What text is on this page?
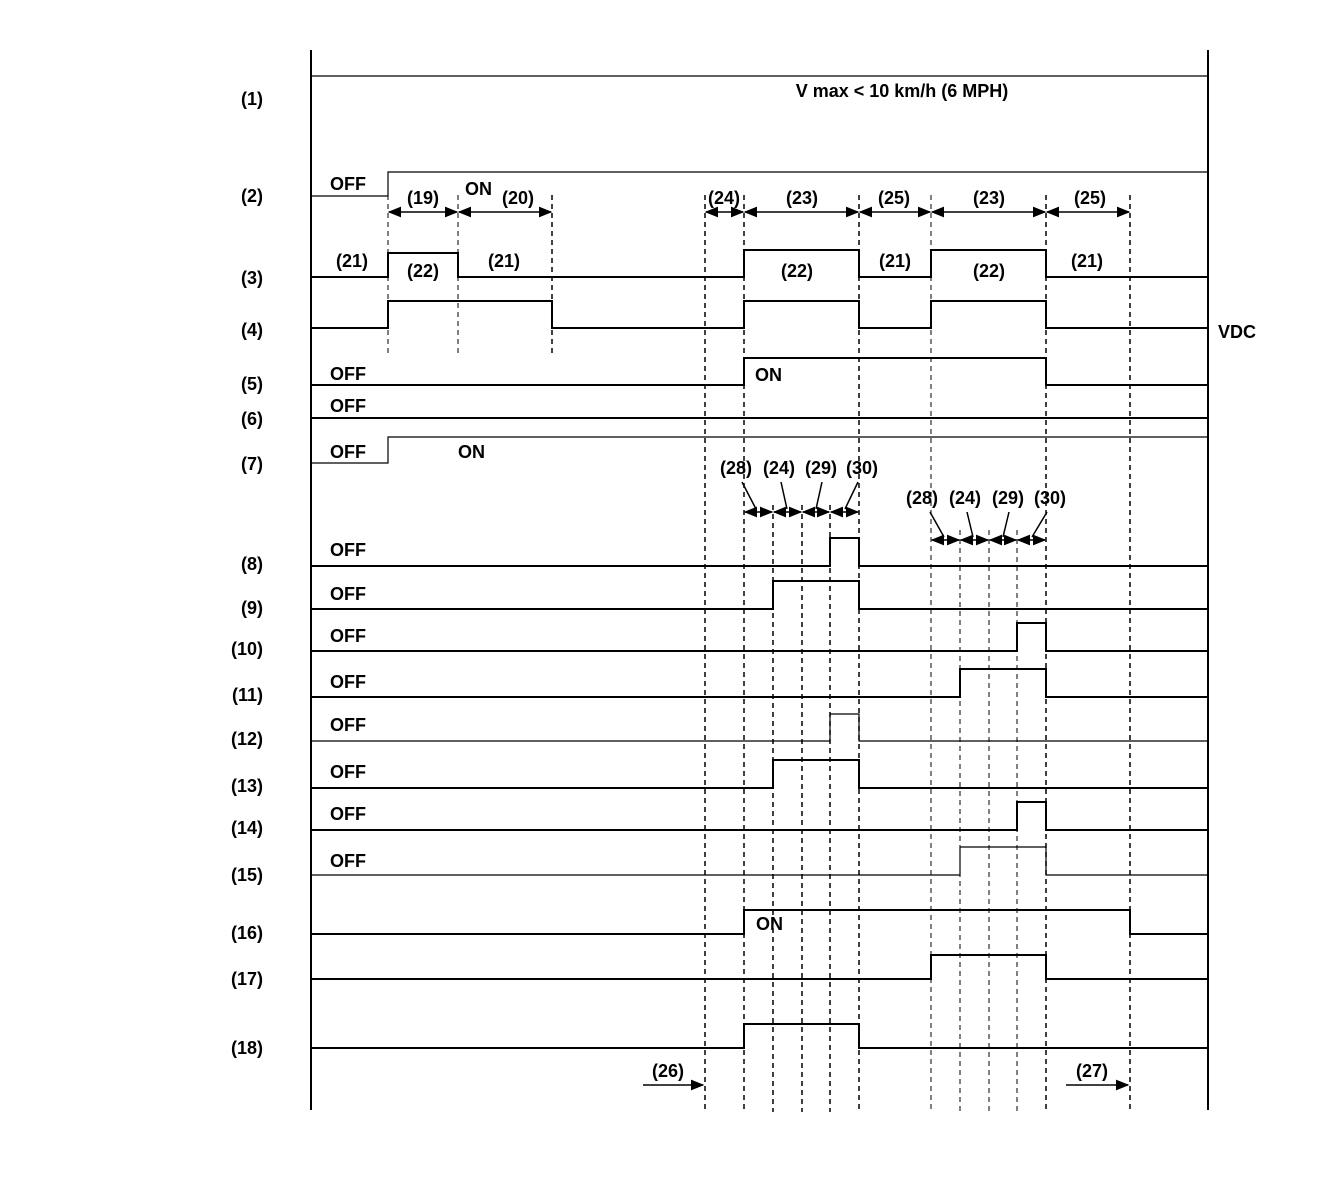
(1)
(2)
(3)
(4)
(5)
(6)
(7)
(8)
(9)
(10)
(11)
(12)
(13)
(14)
(15)
(16)
(17)
(18)
V max < 10 km/h (6 MPH)
VDC
OFF	ON
(19)	(20)	(24)	(23)	(25)	(23)	(25)
(21) (22)	(21)	(22)	(21)	(22)	(21)
OFF	ON
OFF
OFF	ON
(28) (24) (29) (30)
(28) (24) (29) (30)
OFF
OFF
OFF
OFF
OFF
OFF
OFF
OFF
ON
(26)	(27)
